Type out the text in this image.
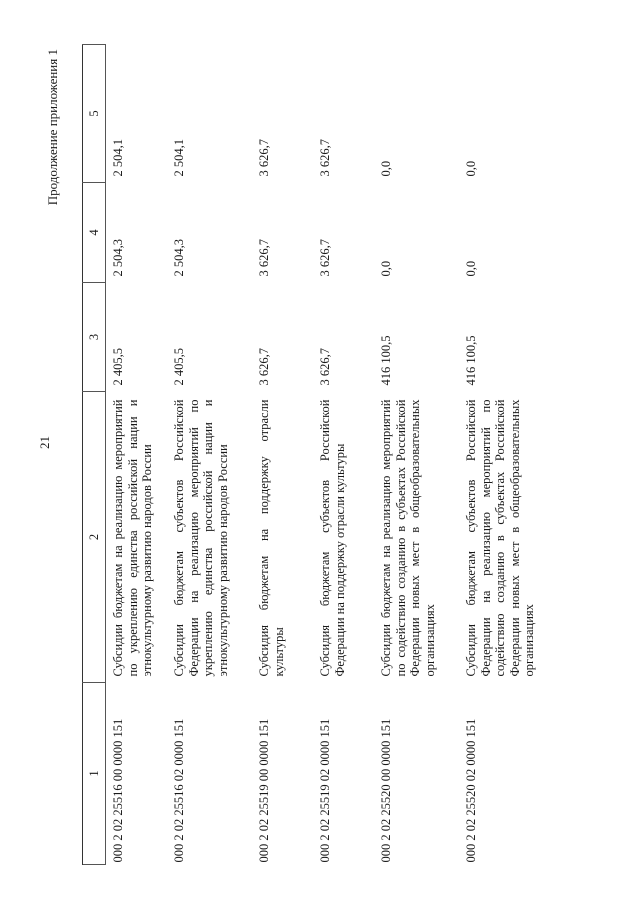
21
Продолжение приложения 1
1	2	3	4	5
000 2 02 25516 00 0000 151	Субсидии бюджетам на реализацию мероприятий по укреплению единства российской нации и этнокультурному развитию народов России	2 405,5	2 504,3	2 504,1
000 2 02 25516 02 0000 151	Субсидии бюджетам субъектов Российской Федерации на реализацию мероприятий по укреплению единства российской нации и этнокультурному развитию народов России	2 405,5	2 504,3	2 504,1
000 2 02 25519 00 0000 151	Субсидия бюджетам на поддержку отрасли культуры	3 626,7	3 626,7	3 626,7
000 2 02 25519 02 0000 151	Субсидия бюджетам субъектов Российской Федерации на поддержку отрасли культуры	3 626,7	3 626,7	3 626,7
000 2 02 25520 00 0000 151	Субсидии бюджетам на реализацию мероприятий по содействию созданию в субъектах Российской Федерации новых мест в общеобразовательных организациях	416 100,5	0,0	0,0
000 2 02 25520 02 0000 151	Субсидии бюджетам субъектов Российской Федерации на реализацию мероприятий по содействию созданию в субъектах Российской Федерации новых мест в общеобразовательных организациях	416 100,5	0,0	0,0
